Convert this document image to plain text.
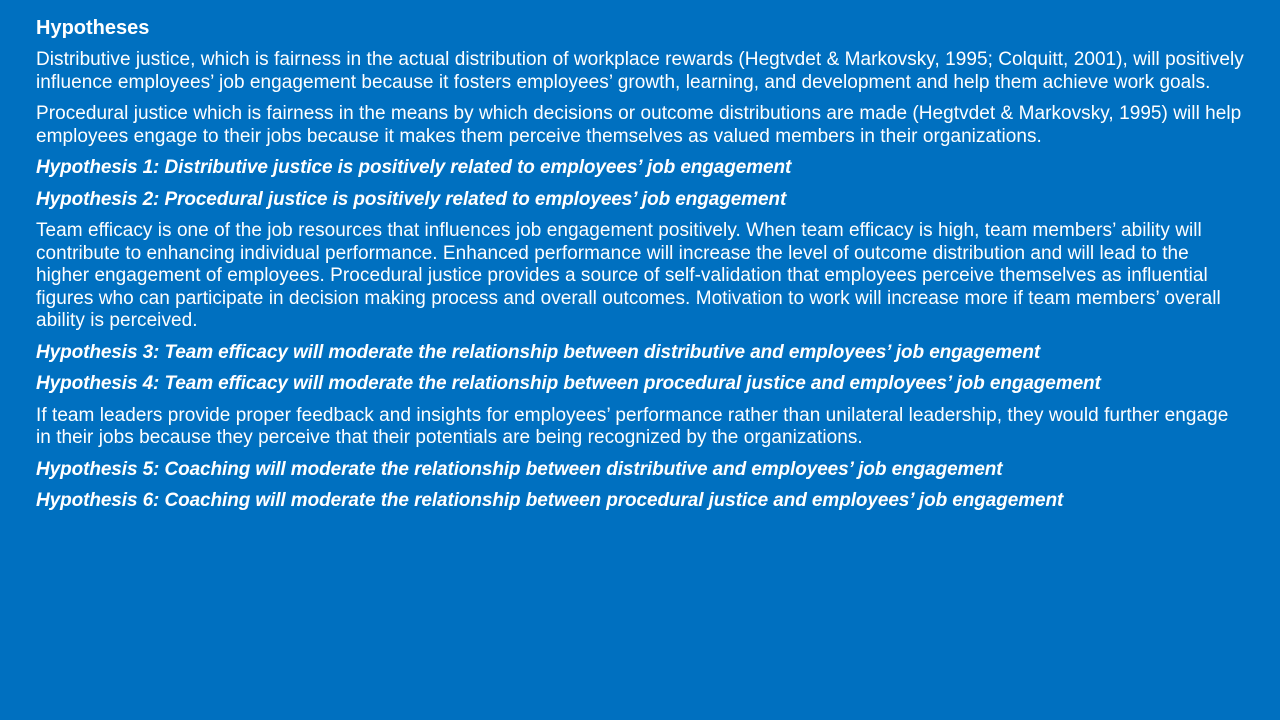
Hypotheses

Distributive justice, which is fairness in the actual distribution of workplace rewards (Hegtvdet & Markovsky, 1995; Colquitt, 2001), will positively influence employees’ job engagement because it fosters employees’ growth, learning, and development and help them achieve work goals.

Procedural justice which is fairness in the means by which decisions or outcome distributions are made (Hegtvdet & Markovsky, 1995) will help employees engage to their jobs because it makes them perceive themselves as valued members in their organizations.

Hypothesis 1: Distributive justice is positively related to employees’ job engagement

Hypothesis 2: Procedural justice is positively related to employees’ job engagement

Team efficacy is one of the job resources that influences job engagement positively. When team efficacy is high, team members’ ability will contribute to enhancing individual performance. Enhanced performance will increase the level of outcome distribution and will lead to the higher engagement of employees. Procedural justice provides a source of self-validation that employees perceive themselves as influential figures who can participate in decision making process and overall outcomes. Motivation to work will increase more if team members’ overall ability is perceived.

Hypothesis 3: Team efficacy will moderate the relationship between distributive and employees’ job engagement

Hypothesis 4: Team efficacy will moderate the relationship between procedural justice and employees’ job engagement

If team leaders provide proper feedback and insights for employees’ performance rather than unilateral leadership, they would further engage in their jobs because they perceive that their potentials are being recognized by the organizations.

Hypothesis 5: Coaching will moderate the relationship between distributive and employees’ job engagement

Hypothesis 6: Coaching will moderate the relationship between procedural justice and employees’ job engagement
